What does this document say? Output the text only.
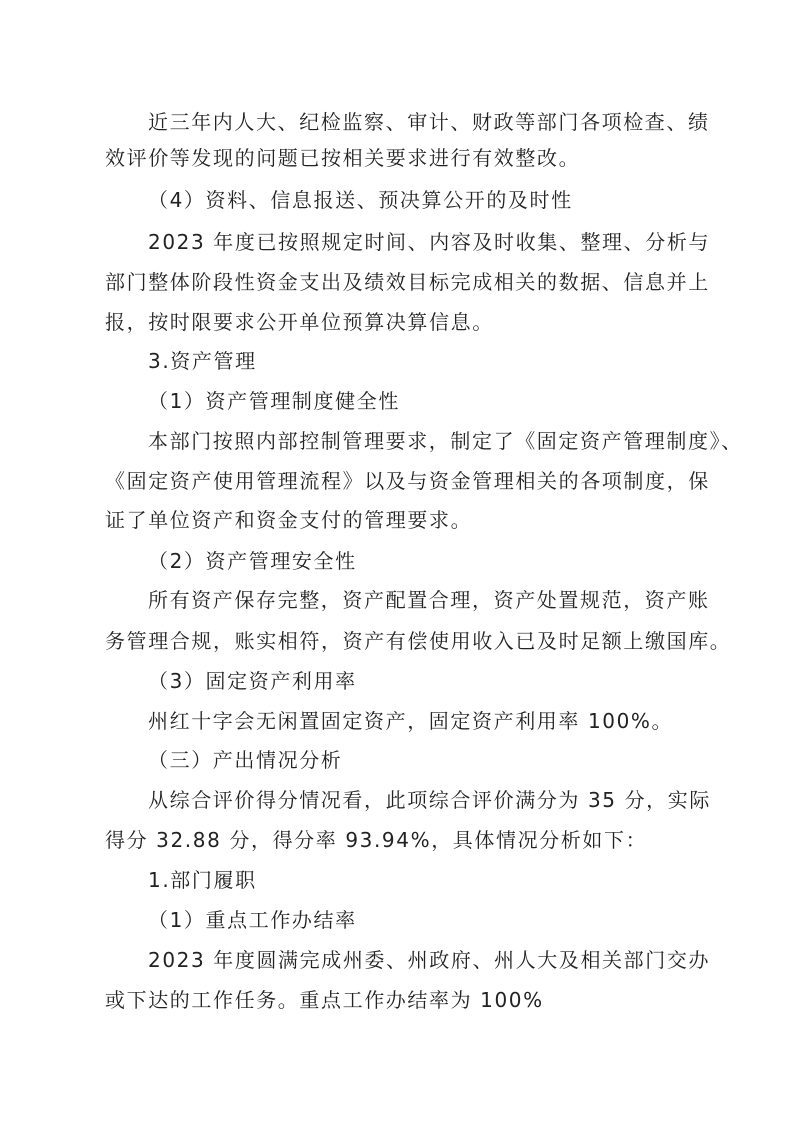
近三年内人大、纪检监察、审计、财政等部门各项检查、绩
效评价等发现的问题已按相关要求进行有效整改。
（4）资料、信息报送、预决算公开的及时性
2023 年度已按照规定时间、内容及时收集、整理、分析与
部门整体阶段性资金支出及绩效目标完成相关的数据、信息并上
报，按时限要求公开单位预算决算信息。
3.资产管理
（1）资产管理制度健全性
本部门按照内部控制管理要求，制定了《固定资产管理制度》、
《固定资产使用管理流程》以及与资金管理相关的各项制度，保
证了单位资产和资金支付的管理要求。
（2）资产管理安全性
所有资产保存完整，资产配置合理，资产处置规范，资产账
务管理合规，账实相符，资产有偿使用收入已及时足额上缴国库。
（3）固定资产利用率
州红十字会无闲置固定资产，固定资产利用率 100%。
（三）产出情况分析
从综合评价得分情况看，此项综合评价满分为 35 分，实际
得分 32.88 分，得分率 93.94%，具体情况分析如下：
1.部门履职
（1）重点工作办结率
2023 年度圆满完成州委、州政府、州人大及相关部门交办
或下达的工作任务。重点工作办结率为 100%
